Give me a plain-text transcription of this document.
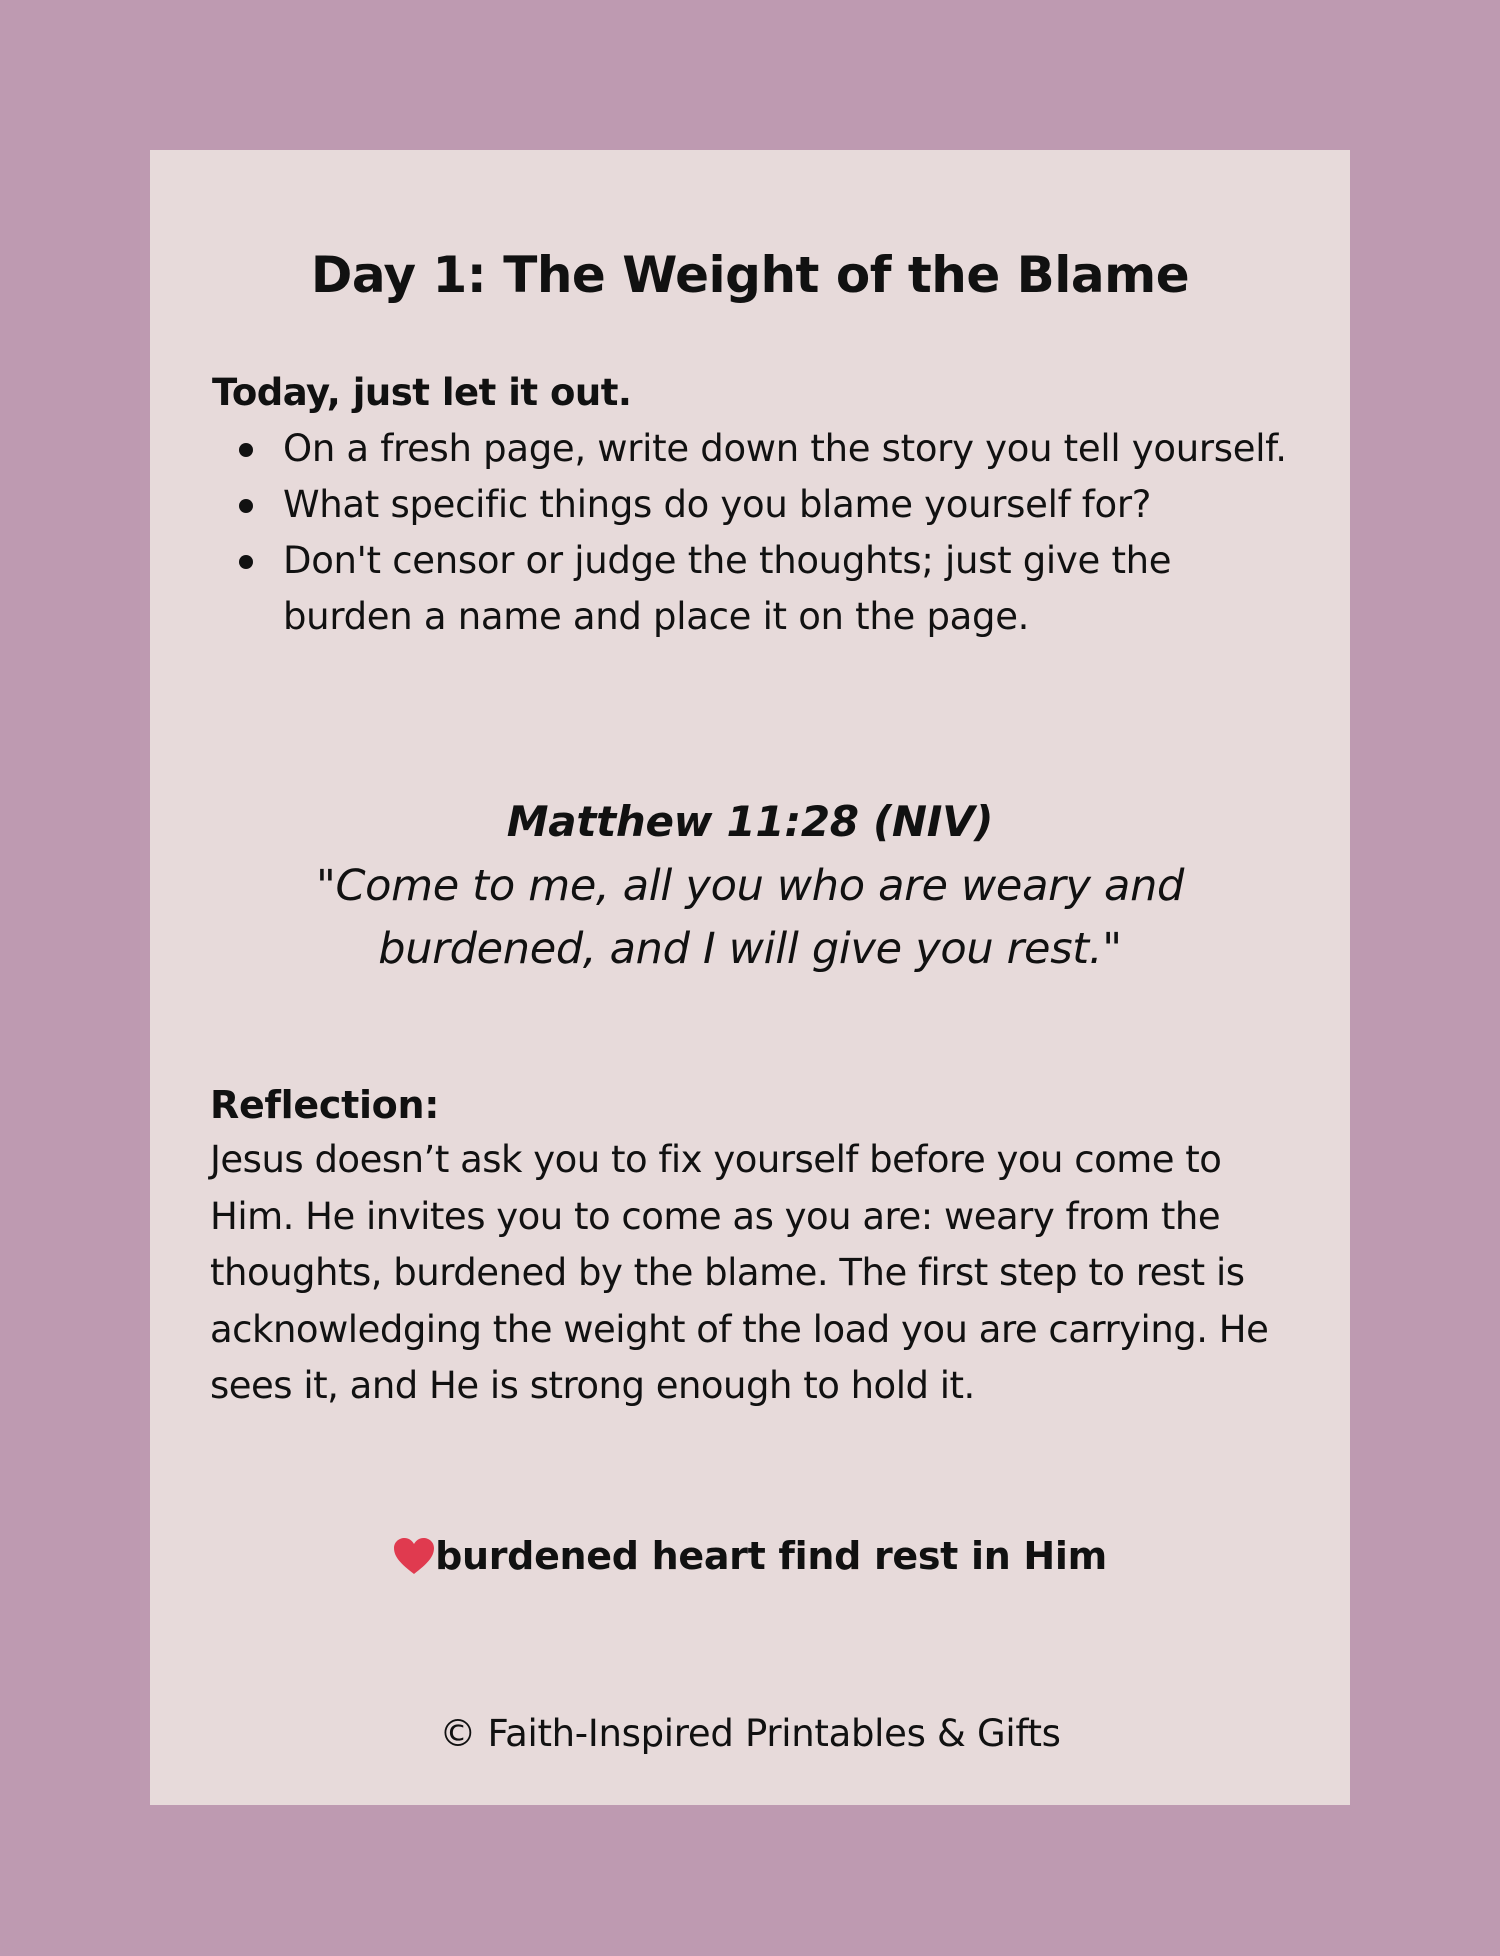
Day 1: The Weight of the Blame

Today, just let it out.

On a fresh page, write down the story you tell yourself.
What specific things do you blame yourself for?
Don't censor or judge the thoughts; just give the burden a name and place it on the page.

Matthew 11:28 (NIV)

"Come to me, all you who are weary and burdened, and I will give you rest."

Reflection:

Jesus doesn’t ask you to fix yourself before you come to Him. He invites you to come as you are: weary from the thoughts, burdened by the blame. The first step to rest is acknowledging the weight of the load you are carrying. He sees it, and He is strong enough to hold it.

burdened heart find rest in Him

© Faith-Inspired Printables & Gifts
